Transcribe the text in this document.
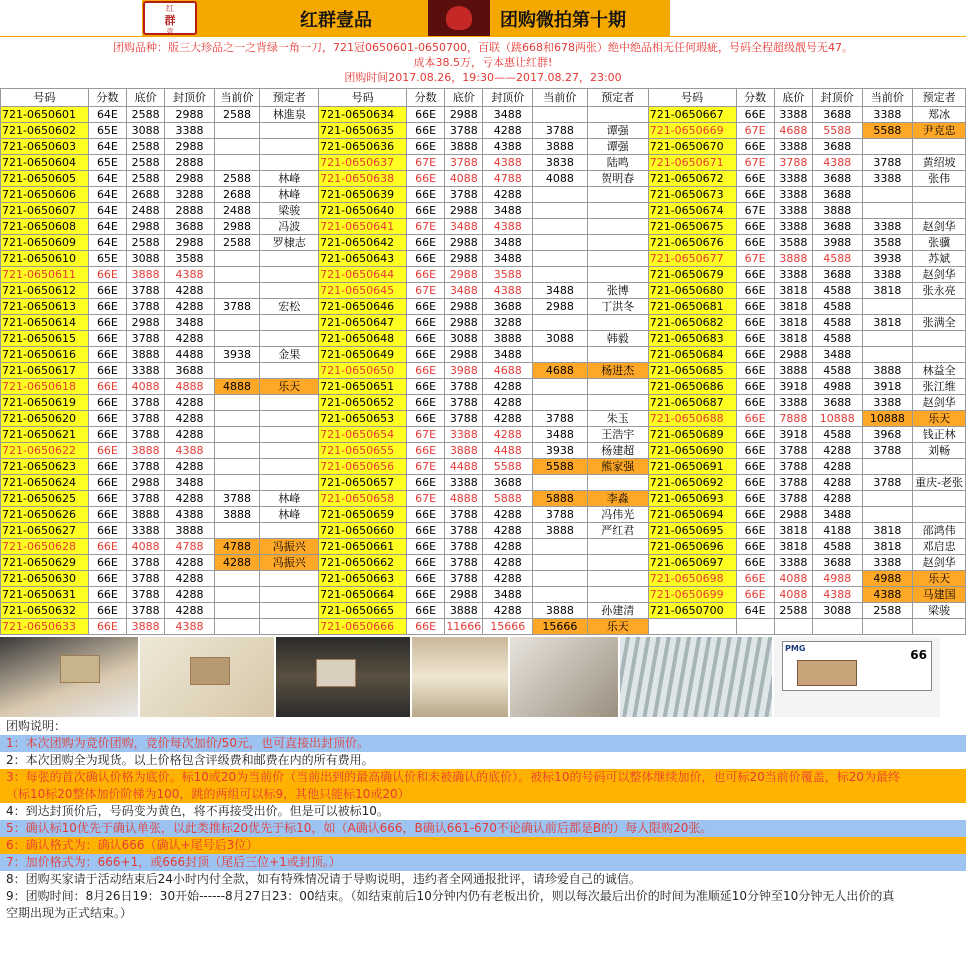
红
群
壹
红群壹品	团购微拍第十期
团购品种：版三大珍品之一之背绿一角一刀，721冠0650601-0650700，百联（跳668和678两张）绝中绝品相无任何瑕疵，号码全程超级靓号无47。
成本38.5万，亏本惠让红群!
团购时间2017.08.26，19:30——2017.08.27，23:00
号码	分数	底价	封顶价	当前价	预定者	号码	分数	底价	封顶价	当前价	预定者	号码	分数	底价	封顶价	当前价	预定者
721-0650601	64E	2588	2988	2588	林進泉	721-0650634	66E	2988	3488			721-0650667	66E	3388	3688	3388	郑冰
721-0650602	65E	3088	3388			721-0650635	66E	3788	4288	3788	谭强	721-0650669	67E	4688	5588	5588	尹克忠
721-0650603	64E	2588	2988			721-0650636	66E	3888	4388	3888	谭强	721-0650670	66E	3388	3688		
721-0650604	65E	2588	2888			721-0650637	67E	3788	4388	3838	陆鸣	721-0650671	67E	3788	4388	3788	黄绍坡
721-0650605	64E	2588	2988	2588	林峰	721-0650638	66E	4088	4788	4088	贺明春	721-0650672	66E	3388	3688	3388	张伟
721-0650606	64E	2688	3288	2688	林峰	721-0650639	66E	3788	4288			721-0650673	66E	3388	3688		
721-0650607	64E	2488	2888	2488	梁骏	721-0650640	66E	2988	3488			721-0650674	67E	3388	3888		
721-0650608	64E	2988	3688	2988	冯波	721-0650641	67E	3488	4388			721-0650675	66E	3388	3688	3388	赵剑华
721-0650609	64E	2588	2988	2588	罗棣志	721-0650642	66E	2988	3488			721-0650676	66E	3588	3988	3588	张骥
721-0650610	65E	3088	3588			721-0650643	66E	2988	3488			721-0650677	67E	3888	4588	3938	苏斌
721-0650611	66E	3888	4388			721-0650644	66E	2988	3588			721-0650679	66E	3388	3688	3388	赵剑华
721-0650612	66E	3788	4288			721-0650645	67E	3488	4388	3488	张博	721-0650680	66E	3818	4588	3818	张永亮
721-0650613	66E	3788	4288	3788	宏松	721-0650646	66E	2988	3688	2988	丁洪冬	721-0650681	66E	3818	4588		
721-0650614	66E	2988	3488			721-0650647	66E	2988	3288			721-0650682	66E	3818	4588	3818	张满全
721-0650615	66E	3788	4288			721-0650648	66E	3088	3888	3088	韩毅	721-0650683	66E	3818	4588		
721-0650616	66E	3888	4488	3938	金果	721-0650649	66E	2988	3488			721-0650684	66E	2988	3488		
721-0650617	66E	3388	3688			721-0650650	66E	3988	4688	4688	杨进杰	721-0650685	66E	3888	4588	3888	林益全
721-0650618	66E	4088	4888	4888	乐天	721-0650651	66E	3788	4288			721-0650686	66E	3918	4988	3918	张江维
721-0650619	66E	3788	4288			721-0650652	66E	3788	4288			721-0650687	66E	3388	3688	3388	赵剑华
721-0650620	66E	3788	4288			721-0650653	66E	3788	4288	3788	朱玉	721-0650688	66E	7888	10888	10888	乐天
721-0650621	66E	3788	4288			721-0650654	67E	3388	4288	3488	王浩宇	721-0650689	66E	3918	4588	3968	钱正林
721-0650622	66E	3888	4388			721-0650655	66E	3888	4488	3938	杨建超	721-0650690	66E	3788	4288	3788	刘畅
721-0650623	66E	3788	4288			721-0650656	67E	4488	5588	5588	熊家强	721-0650691	66E	3788	4288		
721-0650624	66E	2988	3488			721-0650657	66E	3388	3688			721-0650692	66E	3788	4288	3788	重庆-老张
721-0650625	66E	3788	4288	3788	林峰	721-0650658	67E	4888	5888	5888	李淼	721-0650693	66E	3788	4288		
721-0650626	66E	3888	4388	3888	林峰	721-0650659	66E	3788	4288	3788	冯伟光	721-0650694	66E	2988	3488		
721-0650627	66E	3388	3888			721-0650660	66E	3788	4288	3888	严红君	721-0650695	66E	3818	4188	3818	邵鸿伟
721-0650628	66E	4088	4788	4788	冯振兴	721-0650661	66E	3788	4288			721-0650696	66E	3818	4588	3818	邓启忠
721-0650629	66E	3788	4288	4288	冯振兴	721-0650662	66E	3788	4288			721-0650697	66E	3388	3688	3388	赵剑华
721-0650630	66E	3788	4288			721-0650663	66E	3788	4288			721-0650698	66E	4088	4988	4988	乐天
721-0650631	66E	3788	4288			721-0650664	66E	2988	3488			721-0650699	66E	4088	4388	4388	马建国
721-0650632	66E	3788	4288			721-0650665	66E	3888	4288	3888	孙建清	721-0650700	64E	2588	3088	2588	梁骏
721-0650633	66E	3888	4388			721-0650666	66E	11666	15666	15666	乐天						
PMG	66
团购说明：
1：本次团购为竞价团购，竞价每次加价/50元，也可直接出封顶价。
2：本次团购全为现货。以上价格包含评级费和邮费在内的所有费用。
3：每张的首次确认价格为底价。标10或20为当前价（当前出到的最高确认价和未被确认的底价）。被标10的号码可以整体继续加价，也可标20当前价覆盖，标20为最终
（标10标20整体加价阶梯为100，跳的两组可以标9，其他只能标10或20）
4：到达封顶价后，号码变为黄色，将不再接受出价。但是可以被标10。
5：确认标10优先于确认单张，以此类推标20优先于标10，如（A确认666，B确认661-670不论确认前后都是B的）每人限购20张。
6：确认格式为：确认666（确认+尾号后3位）
7：加价格式为：666+1，或666封顶（尾后三位+1或封顶。）
8：团购买家请于活动结束后24小时内付全款，如有特殊情况请于导购说明，违约者全网通报批评，请珍爱自己的诚信。
9：团购时间：8月26日19：30开始------8月27日23：00结束。（如结束前后10分钟内仍有老板出价，则以每次最后出价的时间为准顺延10分钟至10分钟无人出价的真
空期出现为正式结束。）
